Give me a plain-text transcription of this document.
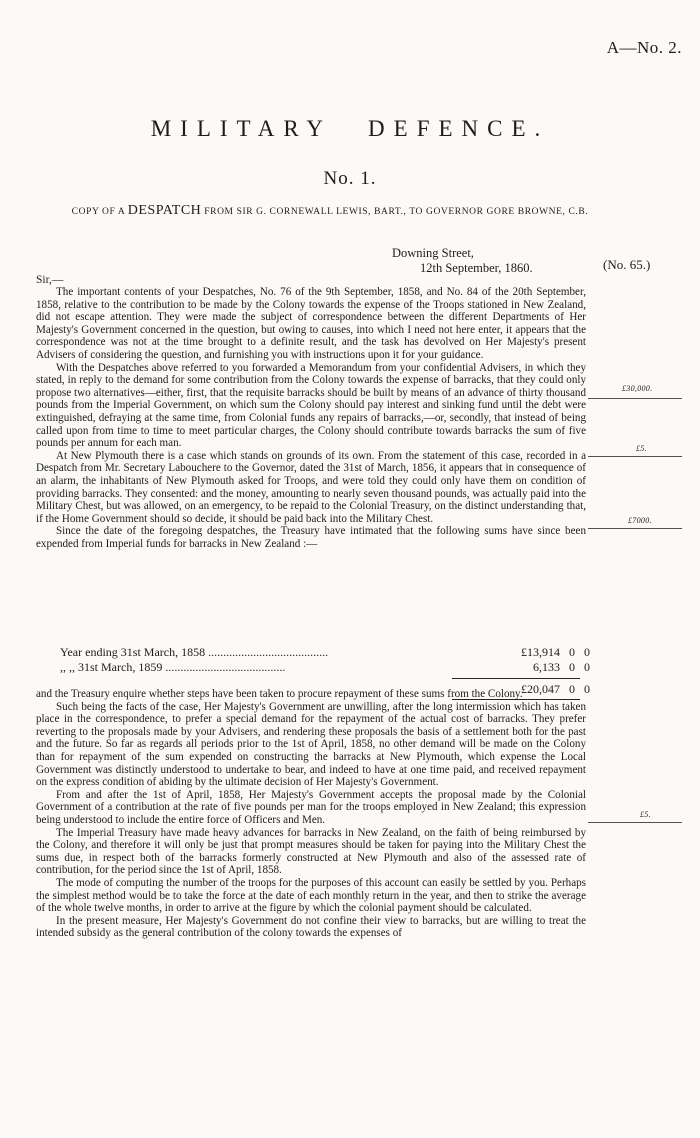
A—No. 2.
MILITARY DEFENCE.
No. 1.
COPY OF A DESPATCH FROM SIR G. CORNEWALL LEWIS, BART., TO GOVERNOR GORE BROWNE, C.B.
Downing Street,
12th September, 1860.	(No. 65.)
Sir,—

The important contents of your Despatches, No. 76 of the 9th September, 1858, and No. 84 of the 20th September, 1858, relative to the contribution to be made by the Colony towards the expense of the Troops stationed in New Zealand, did not escape attention. They were made the subject of correspondence between the different Departments of Her Majesty's Government concerned in the question, but owing to causes, into which I need not here enter, it appears that the correspondence was not at the time brought to a definite result, and the task has devolved on Her Majesty's present Advisers of considering the question, and furnishing you with instructions upon it for your guidance.

With the Despatches above referred to you forwarded a Memorandum from your confidential Advisers, in which they stated, in reply to the demand for some contribution from the Colony towards the expense of barracks, that they could only propose two alternatives—either, first, that the requisite barracks should be built by means of an advance of thirty thousand pounds from the Imperial Government, on which sum the Colony should pay interest and sinking fund until the debt were extinguished, defraying at the same time, from Colonial funds any repairs of barracks,—or, secondly, that instead of being called upon from time to time to meet particular charges, the Colony should contribute towards barracks the sum of five pounds per annum for each man.

At New Plymouth there is a case which stands on grounds of its own. From the statement of this case, recorded in a Despatch from Mr. Secretary Labouchere to the Governor, dated the 31st of March, 1856, it appears that in consequence of an alarm, the inhabitants of New Plymouth asked for Troops, and were told they could only have them on condition of providing barracks. They consented: and the money, amounting to nearly seven thousand pounds, was actually paid into the Military Chest, but was allowed, on an emergency, to be repaid to the Colonial Treasury, on the distinct understanding that, if the Home Government should so decide, it should be paid back into the Military Chest.

Since the date of the foregoing despatches, the Treasury have intimated that the following sums have since been expended from Imperial funds for barracks in New Zealand :—

Year ending 31st March, 1858 ........................................	£13,914   0   0
,, ,, 31st March, 1859 ........................................	6,133   0   0
£20,047   0   0

and the Treasury enquire whether steps have been taken to procure repayment of these sums from the Colony.

Such being the facts of the case, Her Majesty's Government are unwilling, after the long intermission which has taken place in the correspondence, to prefer a special demand for the repayment of the actual cost of barracks. They prefer reverting to the proposals made by your Advisers, and rendering these proposals the basis of a settlement both for the past and the future. So far as regards all periods prior to the 1st of April, 1858, no other demand will be made on the Colony than for repayment of the sum expended on constructing the barracks at New Plymouth, which expense the Local Government was distinctly understood to undertake to bear, and indeed to have at one time paid, and received repayment on the express condition of abiding by the ultimate decision of Her Majesty's Government.

From and after the 1st of April, 1858, Her Majesty's Government accepts the proposal made by the Colonial Government of a contribution at the rate of five pounds per man for the troops employed in New Zealand; this expression being understood to include the entire force of Officers and Men.

The Imperial Treasury have made heavy advances for barracks in New Zealand, on the faith of being reimbursed by the Colony, and therefore it will only be just that prompt measures should be taken for paying into the Military Chest the sums due, in respect both of the barracks formerly constructed at New Plymouth and also of the assessed rate of contribution, for the period since the 1st of April, 1858.

The mode of computing the number of the troops for the purposes of this account can easily be settled by you. Perhaps the simplest method would be to take the force at the date of each monthly return in the year, and then to strike the average of the whole twelve months, in order to arrive at the figure by which the colonial payment should be calculated.

In the present measure, Her Majesty's Government do not confine their view to barracks, but are willing to treat the intended subsidy as the general contribution of the colony towards the expenses of

£30,000.
£5.
£7000.
£5.
